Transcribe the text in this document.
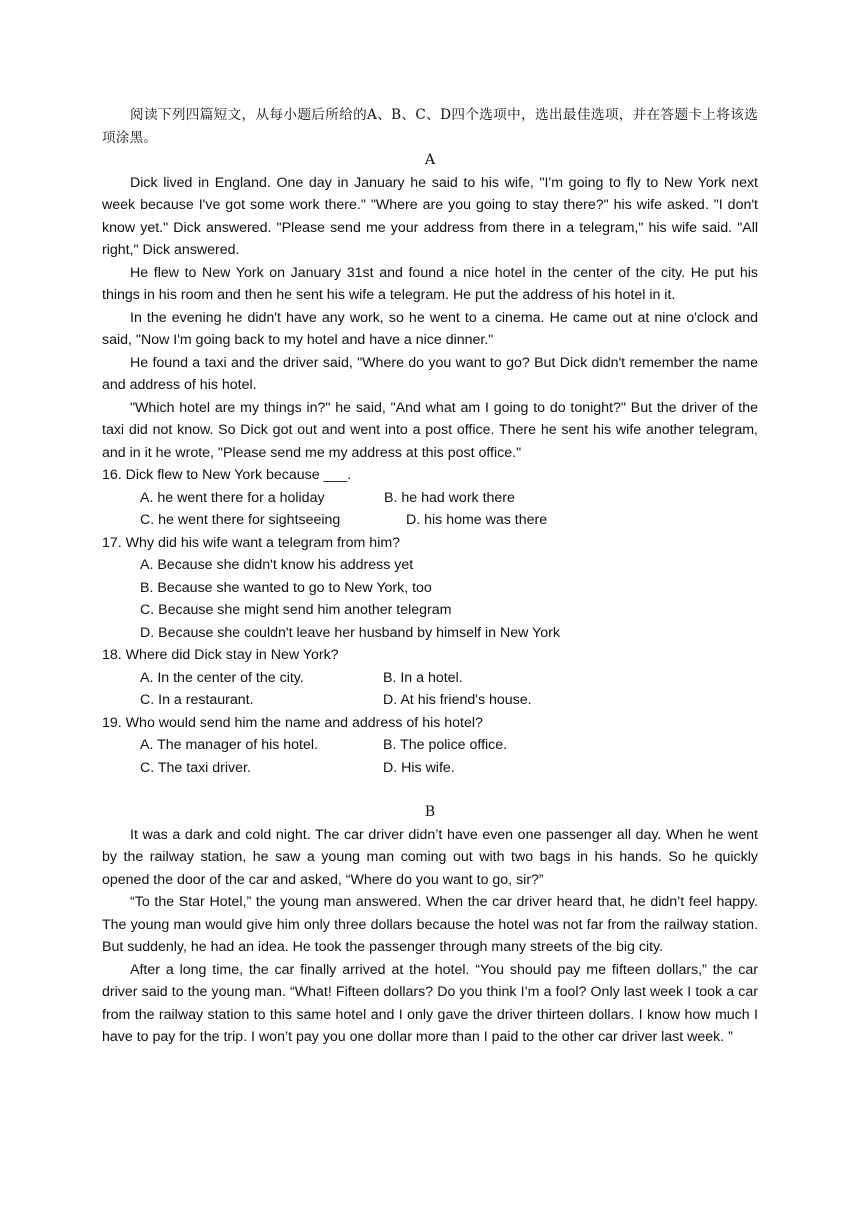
阅读下列四篇短文，从每小题后所给的A、B、C、D四个选项中，选出最佳选项，并在答题卡上将该选项涂黑。

A

Dick lived in England. One day in January he said to his wife, "I'm going to fly to New York next week because I've got some work there." "Where are you going to stay there?" his wife asked. "I don't know yet." Dick answered. "Please send me your address from there in a telegram," his wife said. "All right," Dick answered.

He flew to New York on January 31st and found a nice hotel in the center of the city. He put his things in his room and then he sent his wife a telegram. He put the address of his hotel in it.

In the evening he didn't have any work, so he went to a cinema. He came out at nine o'clock and said, "Now I'm going back to my hotel and have a nice dinner."

He found a taxi and the driver said, "Where do you want to go? But Dick didn't remember the name and address of his hotel.

"Which hotel are my things in?" he said, "And what am I going to do tonight?" But the driver of the taxi did not know. So Dick got out and went into a post office. There he sent his wife another telegram, and in it he wrote, "Please send me my address at this post office."

16. Dick flew to New York because ___.

A. he went there for a holiday	B. he had work there
C. he went there for sightseeing	D. his home was there

17. Why did his wife want a telegram from him?

A. Because she didn't know his address yet

B. Because she wanted to go to New York, too

C. Because she might send him another telegram

D. Because she couldn't leave her husband by himself in New York

18. Where did Dick stay in New York?

A. In the center of the city.	B. In a hotel.
C. In a restaurant.	D. At his friend's house.

19. Who would send him the name and address of his hotel?

A. The manager of his hotel.	B. The police office.
C. The taxi driver.	D. His wife.

B

It was a dark and cold night. The car driver didn’t have even one passenger all day. When he went by the railway station, he saw a young man coming out with two bags in his hands. So he quickly opened the door of the car and asked, “Where do you want to go, sir?”

“To the Star Hotel,” the young man answered. When the car driver heard that, he didn’t feel happy. The young man would give him only three dollars because the hotel was not far from the railway station. But suddenly, he had an idea. He took the passenger through many streets of the big city.

After a long time, the car finally arrived at the hotel. “You should pay me fifteen dollars,” the car driver said to the young man. “What! Fifteen dollars? Do you think I’m a fool? Only last week I took a car from the railway station to this same hotel and I only gave the driver thirteen dollars. I know how much I have to pay for the trip. I won’t pay you one dollar more than I paid to the other car driver last week. ”
